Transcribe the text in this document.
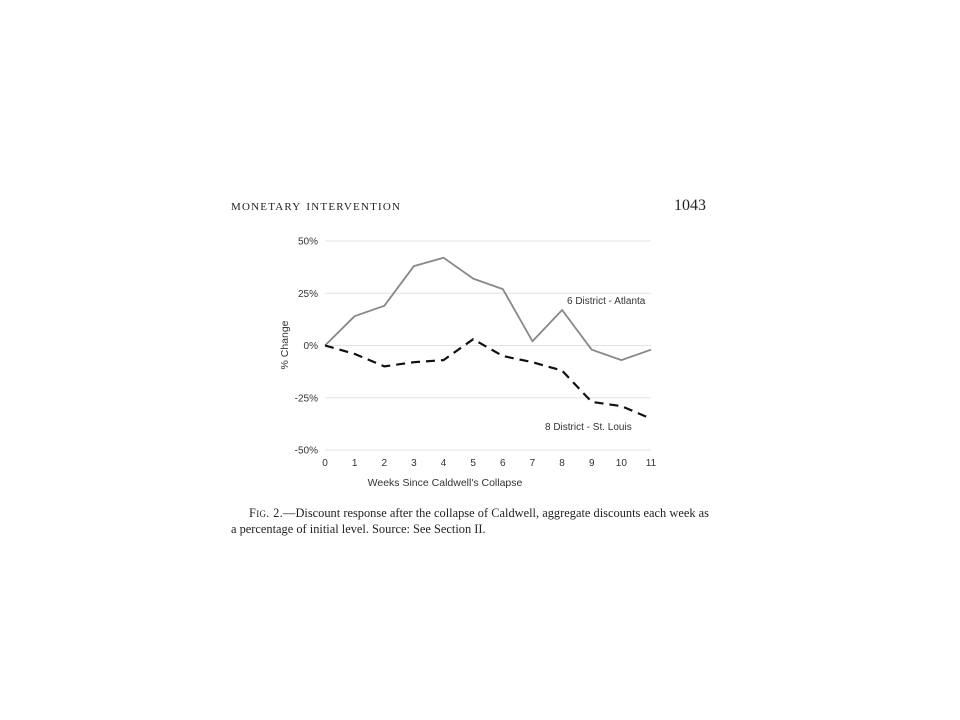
monetary intervention	1043
50%
25%
0%
-25%
-50%
0 1 2 3 4 5 6 7 8 9 10 11
6 District - Atlanta
8 District - St. Louis
Weeks Since Caldwell's Collapse
% Change
Fig. 2.—Discount response after the collapse of Caldwell, aggregate discounts each week as a percentage of initial level. Source: See Section II.
